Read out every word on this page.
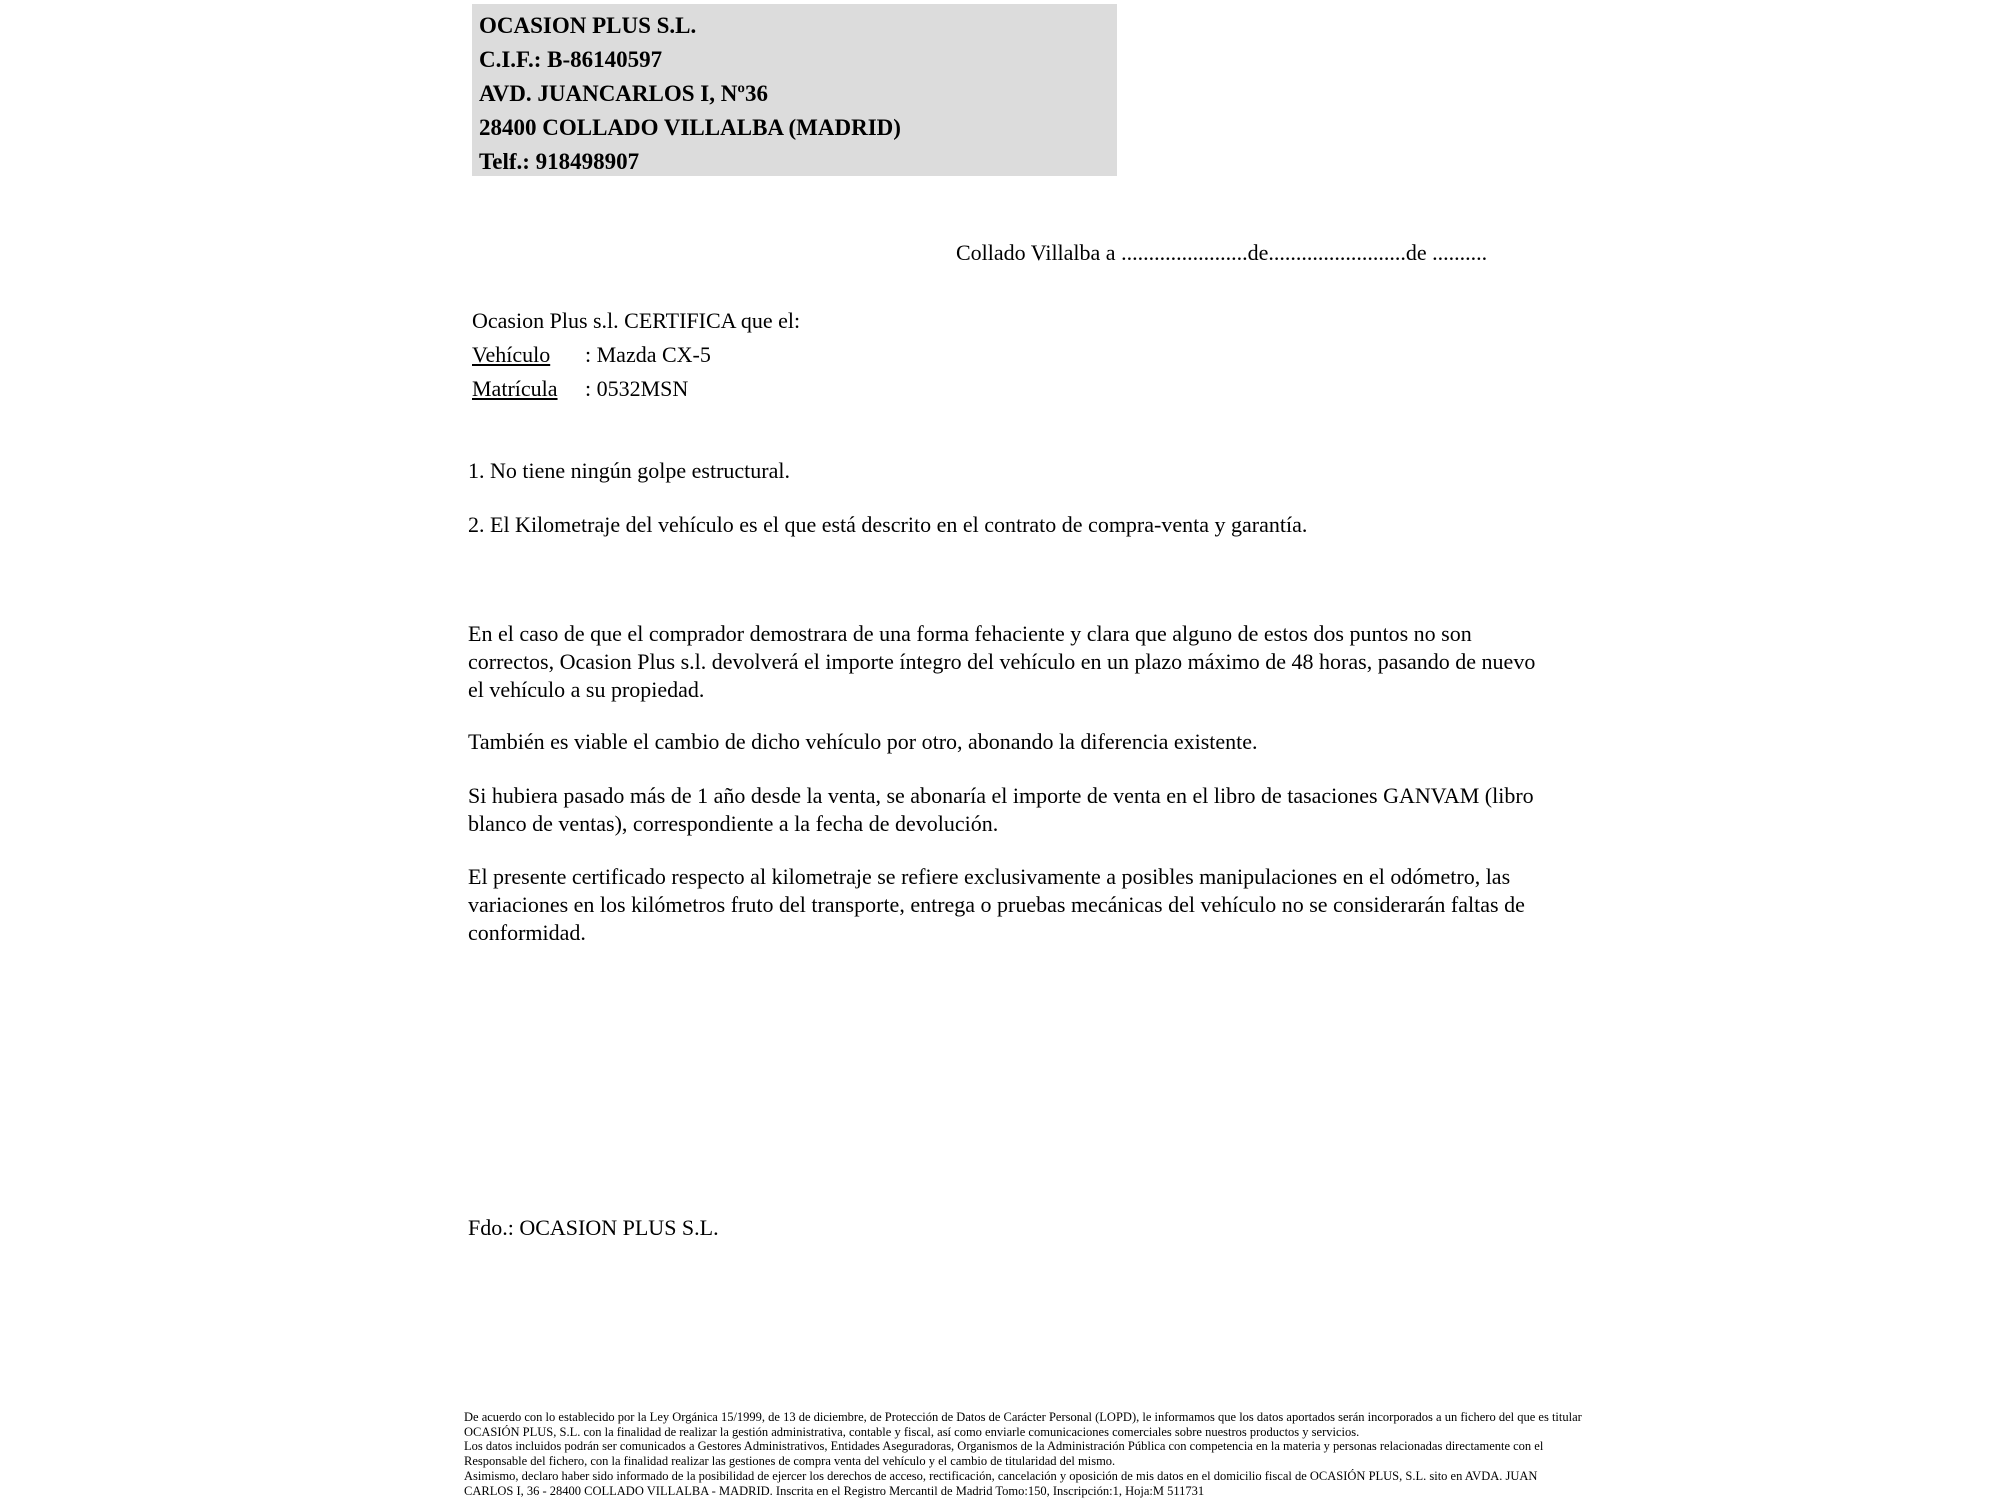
OCASION PLUS S.L.
C.I.F.: B-86140597
AVD. JUANCARLOS I, Nº36
28400 COLLADO VILLALBA (MADRID)
Telf.: 918498907
Collado Villalba a .......................de.........................de ..........
Ocasion Plus s.l. CERTIFICA que el:
Vehículo : Mazda CX-5
Matrícula : 0532MSN
1. No tiene ningún golpe estructural.
2. El Kilometraje del vehículo es el que está descrito en el contrato de compra-venta y garantía.

En el caso de que el comprador demostrara de una forma fehaciente y clara que alguno de estos dos puntos no son correctos, Ocasion Plus s.l. devolverá el importe íntegro del vehículo en un plazo máximo de 48 horas, pasando de nuevo el vehículo a su propiedad.

También es viable el cambio de dicho vehículo por otro, abonando la diferencia existente.

Si hubiera pasado más de 1 año desde la venta, se abonaría el importe de venta en el libro de tasaciones GANVAM (libro blanco de ventas), correspondiente a la fecha de devolución.

El presente certificado respecto al kilometraje se refiere exclusivamente a posibles manipulaciones en el odómetro, las variaciones en los kilómetros fruto del transporte, entrega o pruebas mecánicas del vehículo no se considerarán faltas de conformidad.

Fdo.: OCASION PLUS S.L.
De acuerdo con lo establecido por la Ley Orgánica 15/1999, de 13 de diciembre, de Protección de Datos de Carácter Personal (LOPD), le informamos que los datos aportados serán incorporados a un fichero del que es titular
OCASIÓN PLUS, S.L. con la finalidad de realizar la gestión administrativa, contable y fiscal, así como enviarle comunicaciones comerciales sobre nuestros productos y servicios.
Los datos incluidos podrán ser comunicados a Gestores Administrativos, Entidades Aseguradoras, Organismos de la Administración Pública con competencia en la materia y personas relacionadas directamente con el
Responsable del fichero, con la finalidad realizar las gestiones de compra venta del vehículo y el cambio de titularidad del mismo.
Asimismo, declaro haber sido informado de la posibilidad de ejercer los derechos de acceso, rectificación, cancelación y oposición de mis datos en el domicilio fiscal de OCASIÓN PLUS, S.L. sito en AVDA. JUAN
CARLOS I, 36 - 28400 COLLADO VILLALBA - MADRID. Inscrita en el Registro Mercantil de Madrid Tomo:150, Inscripción:1, Hoja:M 511731
